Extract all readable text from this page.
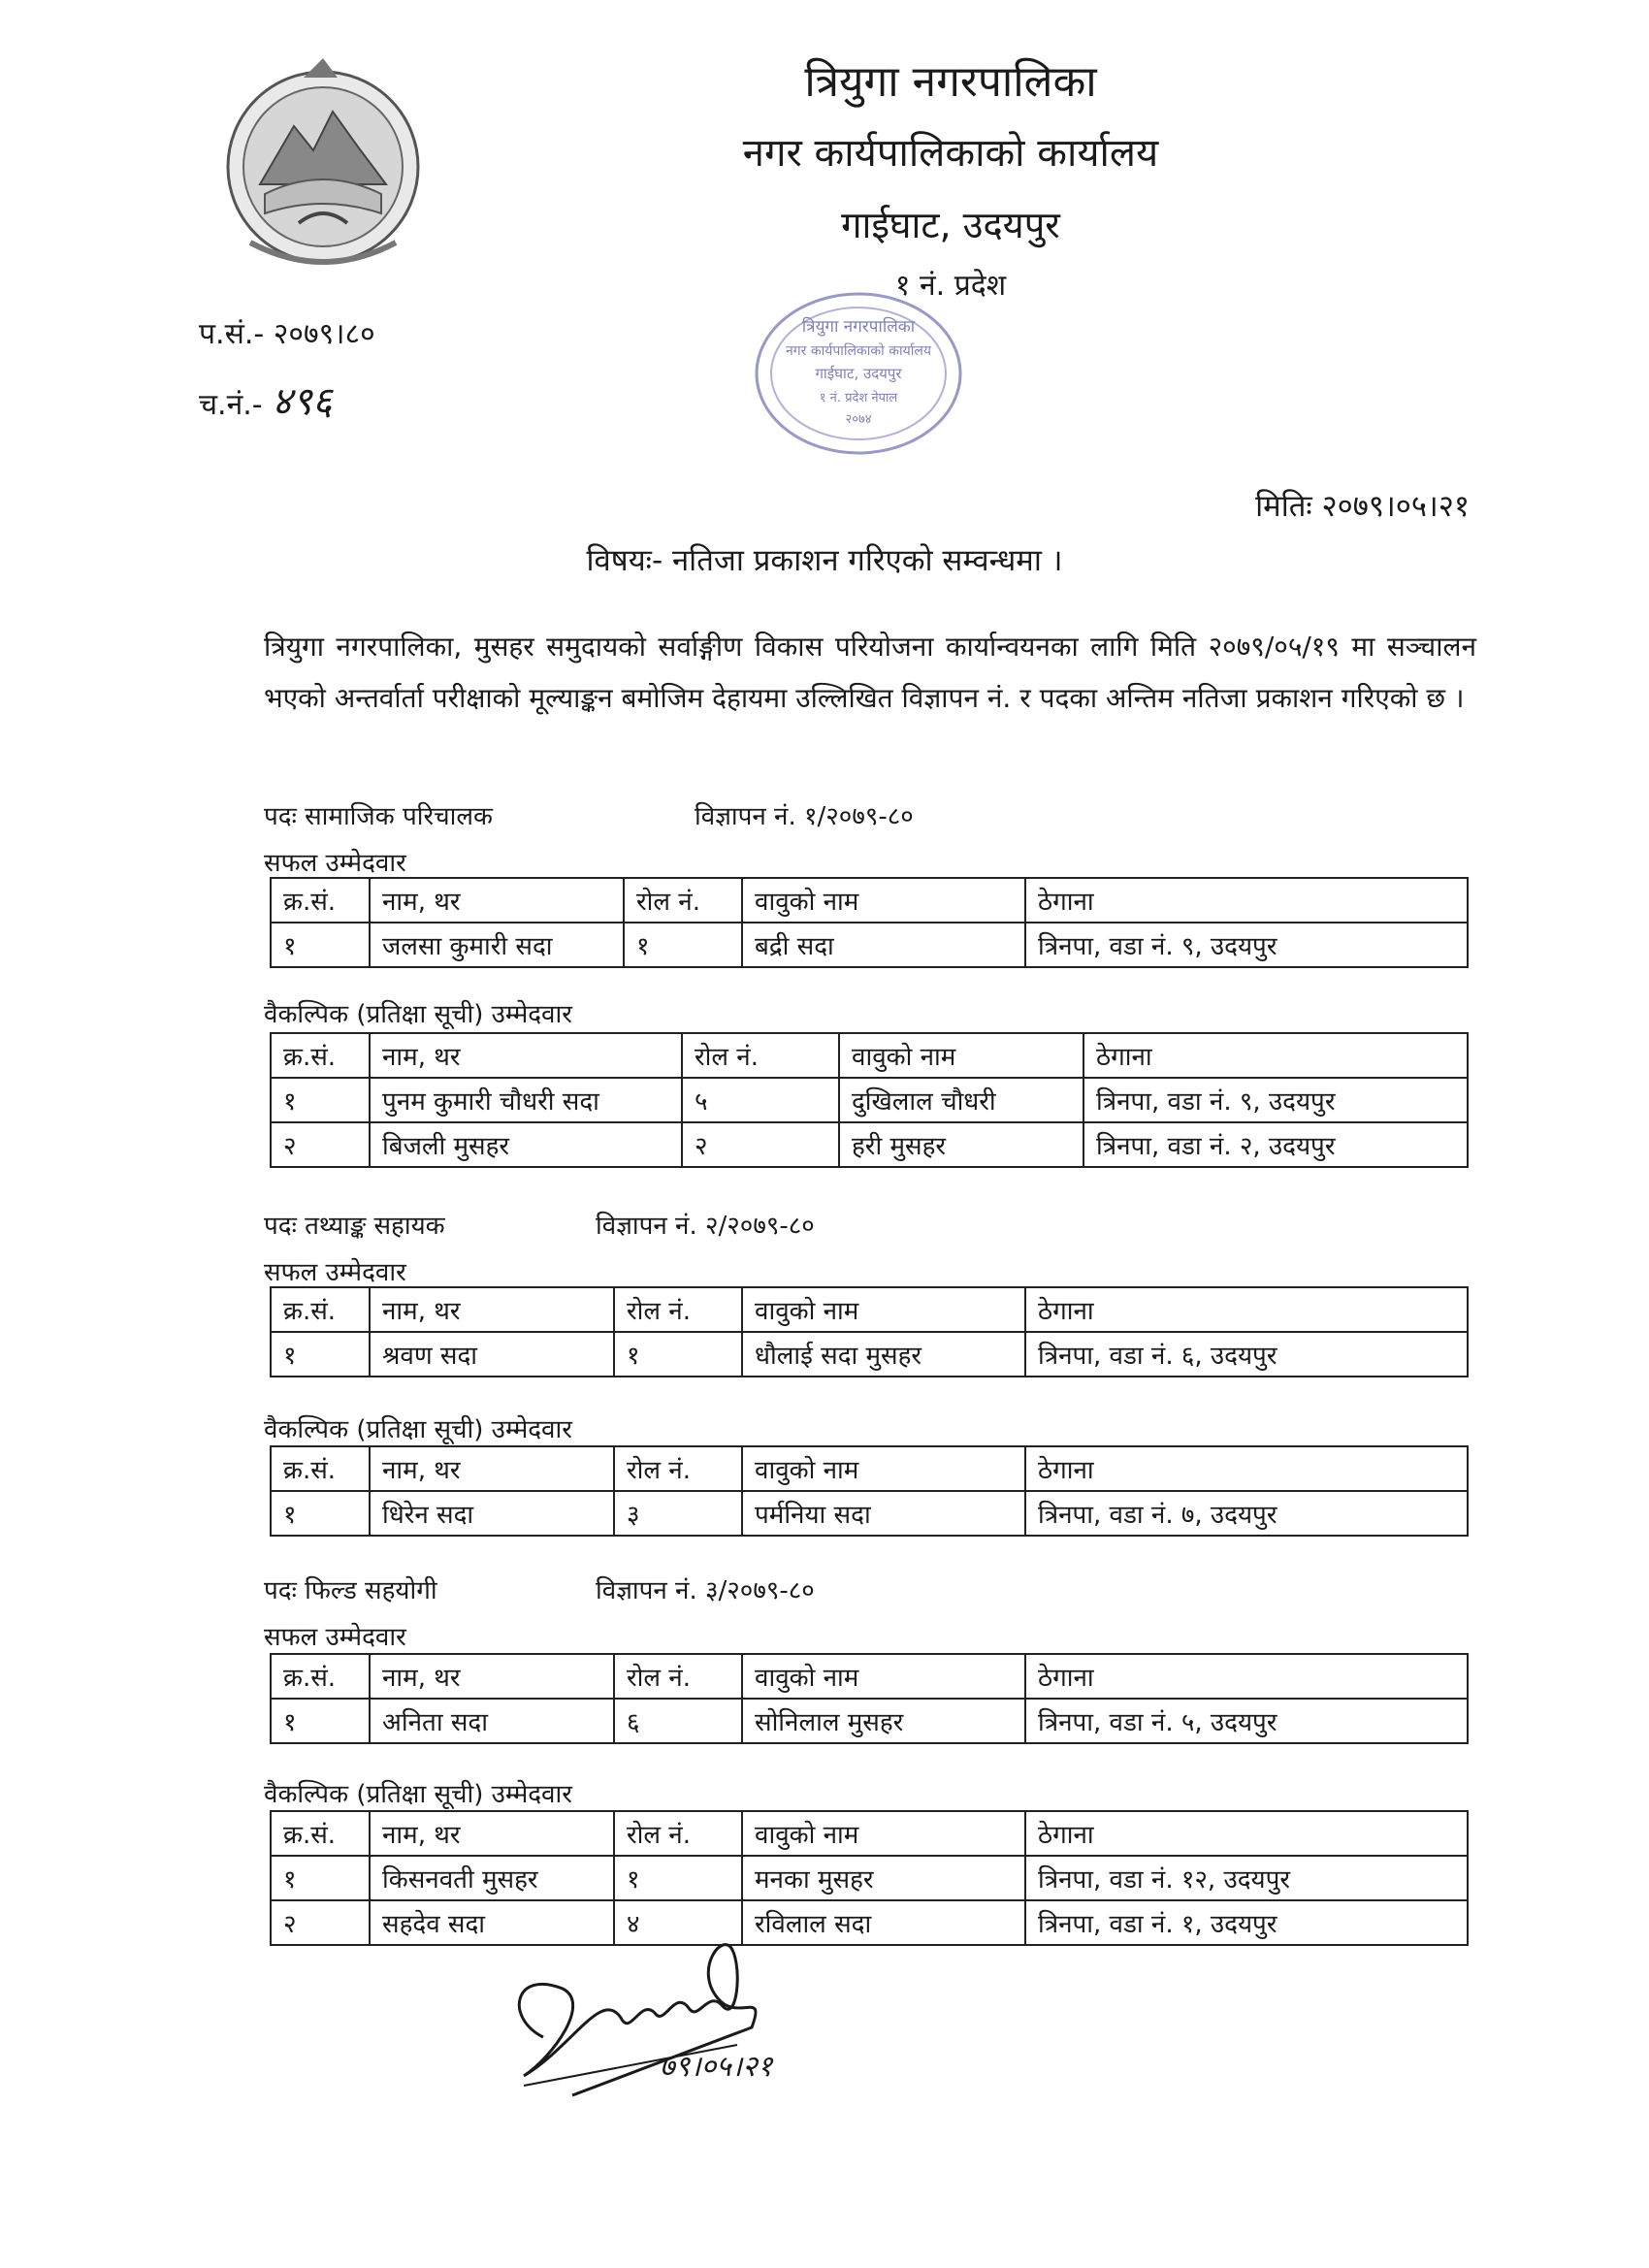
त्रियुगा नगरपालिका
नगर कार्यपालिकाको कार्यालय
गाईघाट, उदयपुर
१ नं. प्रदेश
प.सं.- २०७९।८०
च.नं.- ४९६
त्रियुगा नगरपालिका
नगर कार्यपालिकाको कार्यालय
गाईघाट, उदयपुर
१ नं. प्रदेश नेपाल
२०७४
मितिः २०७९।०५।२१
विषयः- नतिजा प्रकाशन गरिएको सम्वन्धमा ।
त्रियुगा नगरपालिका, मुसहर समुदायको सर्वाङ्गीण विकास परियोजना कार्यान्वयनका लागि मिति २०७९/०५/१९ मा सञ्चालन भएको अन्तर्वार्ता परीक्षाको मूल्याङ्कन बमोजिम देहायमा उल्लिखित विज्ञापन नं. र पदका अन्तिम नतिजा प्रकाशन गरिएको छ ।
पदः सामाजिक परिचालक	विज्ञापन नं. १/२०७९-८०
सफल उम्मेदवार
क्र.सं.	नाम, थर	रोल नं.	वावुको नाम	ठेगाना
१	जलसा कुमारी सदा	१	बद्री सदा	त्रिनपा, वडा नं. ९, उदयपुर
वैकल्पिक (प्रतिक्षा सूची) उम्मेदवार
क्र.सं.	नाम, थर	रोल नं.	वावुको नाम	ठेगाना
१	पुनम कुमारी चौधरी सदा	५	दुखिलाल चौधरी	त्रिनपा, वडा नं. ९, उदयपुर
२	बिजली मुसहर	२	हरी मुसहर	त्रिनपा, वडा नं. २, उदयपुर
पदः तथ्याङ्क सहायक	विज्ञापन नं. २/२०७९-८०
सफल उम्मेदवार
क्र.सं.	नाम, थर	रोल नं.	वावुको नाम	ठेगाना
१	श्रवण सदा	१	धौलाई सदा मुसहर	त्रिनपा, वडा नं. ६, उदयपुर
वैकल्पिक (प्रतिक्षा सूची) उम्मेदवार
क्र.सं.	नाम, थर	रोल नं.	वावुको नाम	ठेगाना
१	धिरेन सदा	३	पर्मनिया सदा	त्रिनपा, वडा नं. ७, उदयपुर
पदः फिल्ड सहयोगी	विज्ञापन नं. ३/२०७९-८०
सफल उम्मेदवार
क्र.सं.	नाम, थर	रोल नं.	वावुको नाम	ठेगाना
१	अनिता सदा	६	सोनिलाल मुसहर	त्रिनपा, वडा नं. ५, उदयपुर
वैकल्पिक (प्रतिक्षा सूची) उम्मेदवार
क्र.सं.	नाम, थर	रोल नं.	वावुको नाम	ठेगाना
१	किसनवती मुसहर	१	मनका मुसहर	त्रिनपा, वडा नं. १२, उदयपुर
२	सहदेव सदा	४	रविलाल सदा	त्रिनपा, वडा नं. १, उदयपुर
७९।०५।२१
